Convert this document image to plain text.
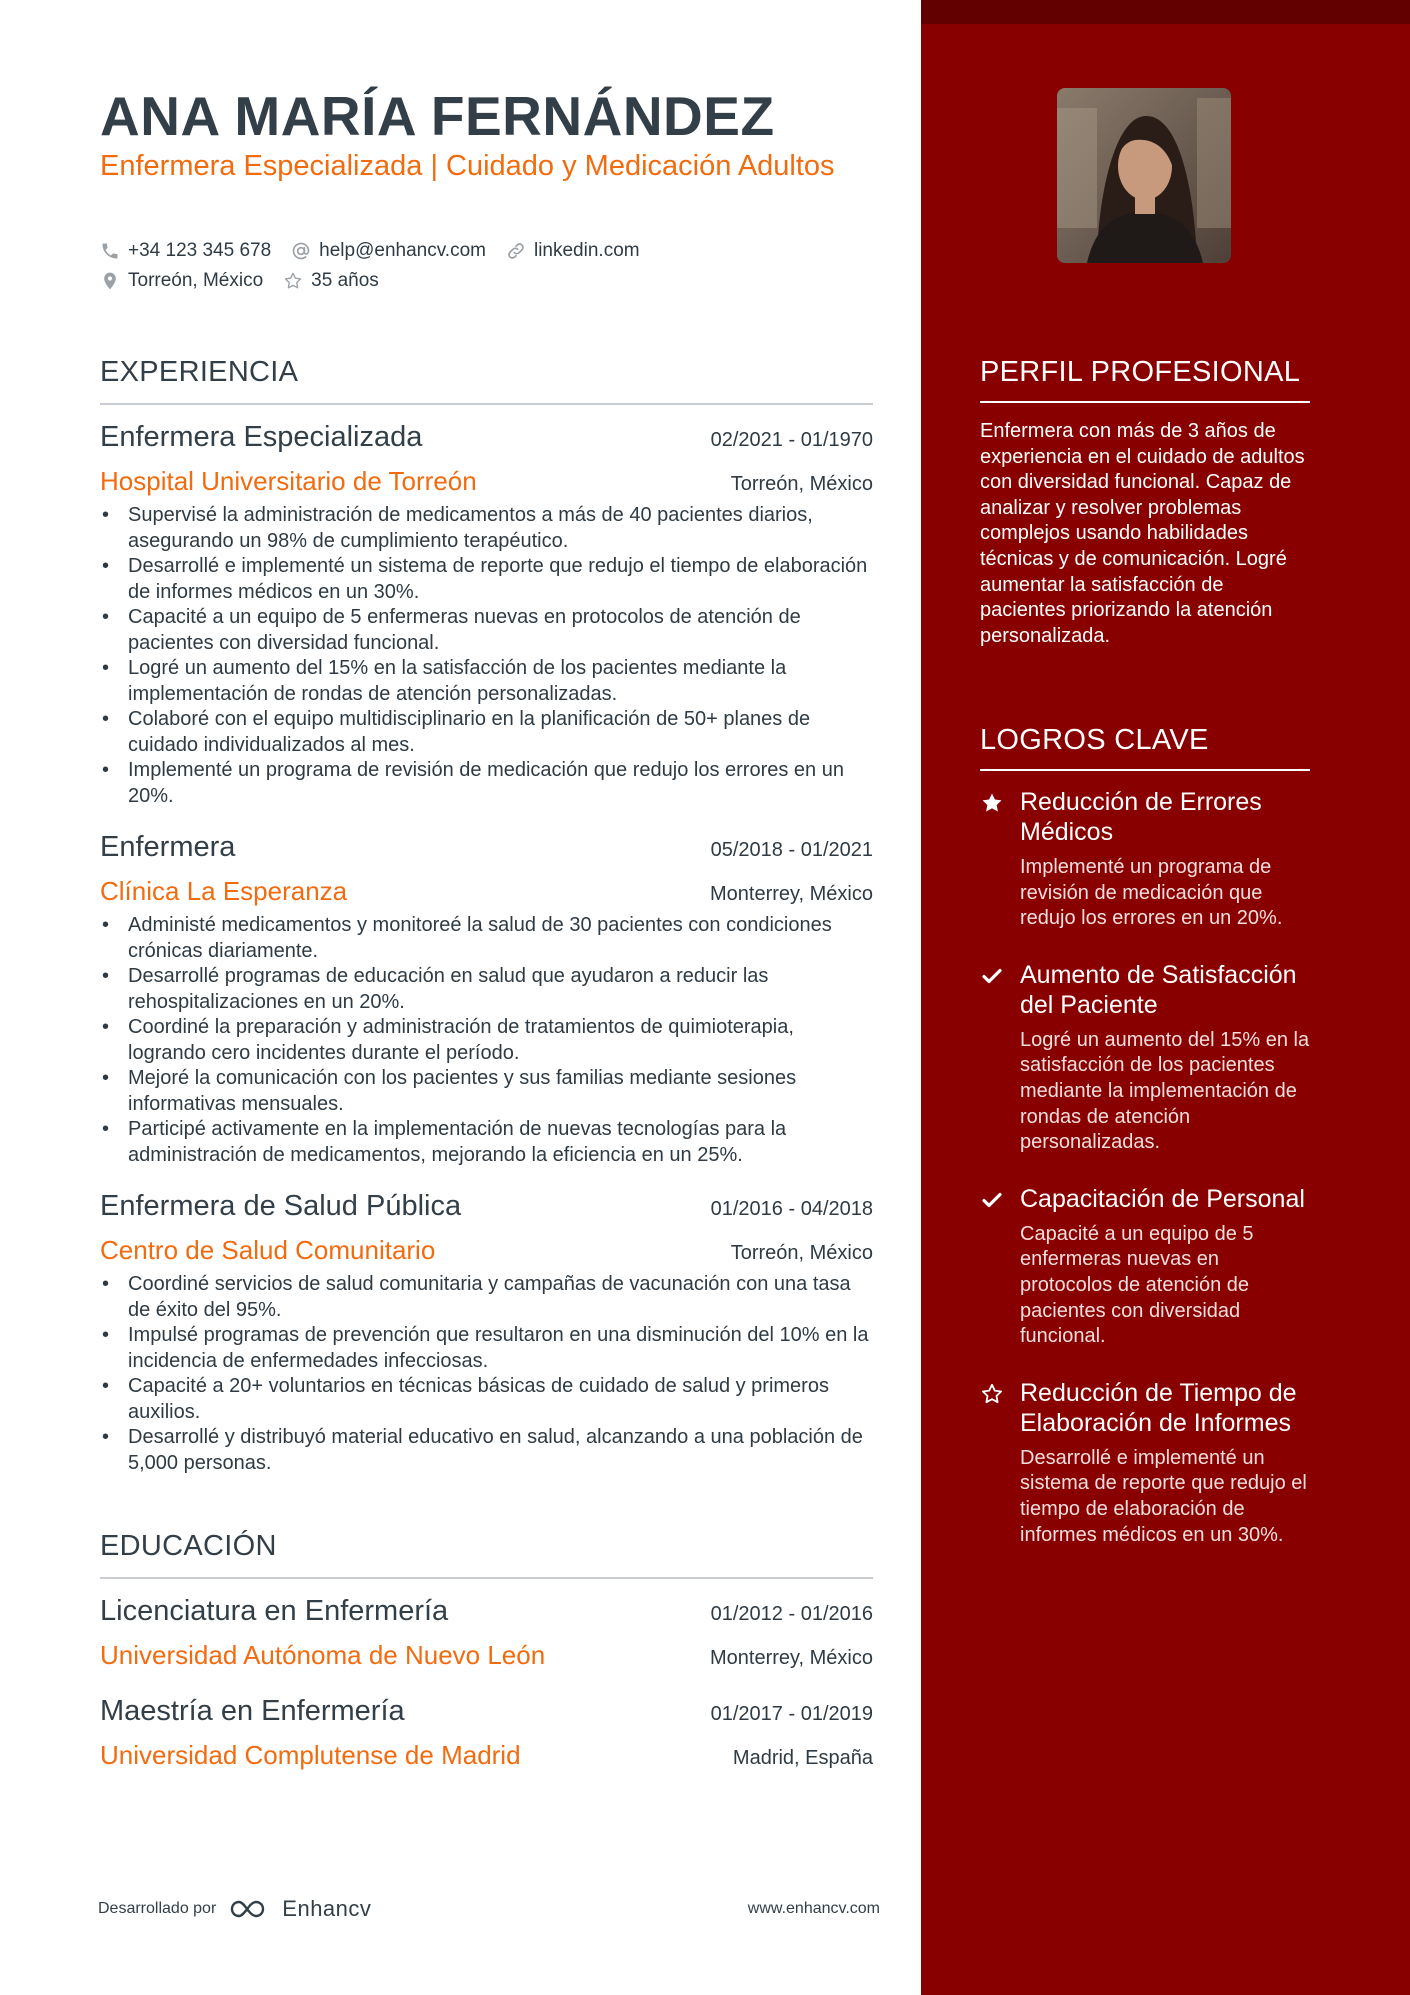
ANA MARÍA FERNÁNDEZ
Enfermera Especializada | Cuidado y Medicación Adultos
+34 123 345 678	help@enhancv.com	linkedin.com
Torreón, México	35 años
EXPERIENCIA
Enfermera Especializada	02/2021 - 01/1970
Hospital Universitario de Torreón	Torreón, México
• Supervisé la administración de medicamentos a más de 40 pacientes diarios, asegurando un 98% de cumplimiento terapéutico.
• Desarrollé e implementé un sistema de reporte que redujo el tiempo de elaboración de informes médicos en un 30%.
• Capacité a un equipo de 5 enfermeras nuevas en protocolos de atención de pacientes con diversidad funcional.
• Logré un aumento del 15% en la satisfacción de los pacientes mediante la implementación de rondas de atención personalizadas.
• Colaboré con el equipo multidisciplinario en la planificación de 50+ planes de cuidado individualizados al mes.
• Implementé un programa de revisión de medicación que redujo los errores en un 20%.
Enfermera	05/2018 - 01/2021
Clínica La Esperanza	Monterrey, México
• Administé medicamentos y monitoreé la salud de 30 pacientes con condiciones crónicas diariamente.
• Desarrollé programas de educación en salud que ayudaron a reducir las rehospitalizaciones en un 20%.
• Coordiné la preparación y administración de tratamientos de quimioterapia, logrando cero incidentes durante el período.
• Mejoré la comunicación con los pacientes y sus familias mediante sesiones informativas mensuales.
• Participé activamente en la implementación de nuevas tecnologías para la administración de medicamentos, mejorando la eficiencia en un 25%.
Enfermera de Salud Pública	01/2016 - 04/2018
Centro de Salud Comunitario	Torreón, México
• Coordiné servicios de salud comunitaria y campañas de vacunación con una tasa de éxito del 95%.
• Impulsé programas de prevención que resultaron en una disminución del 10% en la incidencia de enfermedades infecciosas.
• Capacité a 20+ voluntarios en técnicas básicas de cuidado de salud y primeros auxilios.
• Desarrollé y distribuyó material educativo en salud, alcanzando a una población de 5,000 personas.
EDUCACIÓN
Licenciatura en Enfermería	01/2012 - 01/2016
Universidad Autónoma de Nuevo León	Monterrey, México
Maestría en Enfermería	01/2017 - 01/2019
Universidad Complutense de Madrid	Madrid, España
Desarrollado por	Enhancv	www.enhancv.com
PERFIL PROFESIONAL
Enfermera con más de 3 años de experiencia en el cuidado de adultos con diversidad funcional. Capaz de analizar y resolver problemas complejos usando habilidades técnicas y de comunicación. Logré aumentar la satisfacción de pacientes priorizando la atención personalizada.
LOGROS CLAVE
Reducción de Errores Médicos
Implementé un programa de revisión de medicación que redujo los errores en un 20%.
Aumento de Satisfacción del Paciente
Logré un aumento del 15% en la satisfacción de los pacientes mediante la implementación de rondas de atención personalizadas.
Capacitación de Personal
Capacité a un equipo de 5 enfermeras nuevas en protocolos de atención de pacientes con diversidad funcional.
Reducción de Tiempo de Elaboración de Informes
Desarrollé e implementé un sistema de reporte que redujo el tiempo de elaboración de informes médicos en un 30%.
